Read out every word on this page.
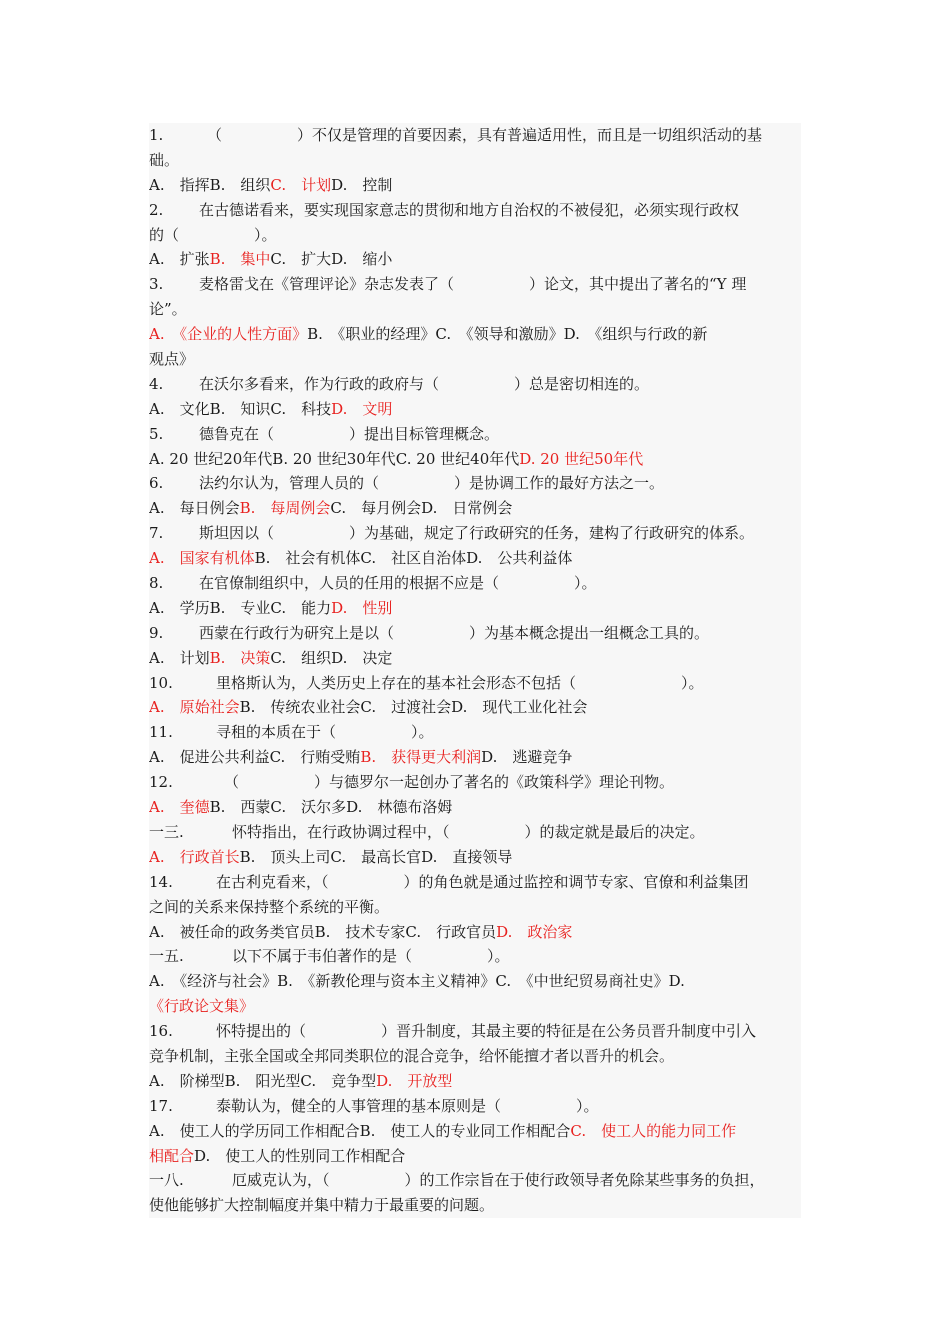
1.	（　　　　　）不仅是管理的首要因素，具有普遍适用性，而且是一切组织活动的基
础。
A.　指挥B.　组织C.　计划D.　控制
2. 在古德诺看来，要实现国家意志的贯彻和地方自治权的不被侵犯，必须实现行政权
的（　　　　　）。
A.　扩张B.　集中C.　扩大D.　缩小
3. 麦格雷戈在《管理评论》杂志发表了（　　　　　）论文，其中提出了著名的“Y 理
论”。
A.　《企业的人性方面》B.　《职业的经理》C.　《领导和激励》D.　《组织与行政的新
观点》
4. 在沃尔多看来，作为行政的政府与（　　　　　）总是密切相连的。
A.　文化B.　知识C.　科技D.　文明
5. 德鲁克在（　　　　　）提出目标管理概念。
A. 20 世纪20年代B. 20 世纪30年代C. 20 世纪40年代D. 20 世纪50年代
6. 法约尔认为，管理人员的（　　　　　）是协调工作的最好方法之一。
A.　每日例会B.　每周例会C.　每月例会D.　日常例会
7. 斯坦因以（　　　　　）为基础，规定了行政研究的任务，建构了行政研究的体系。
A.　国家有机体B.　社会有机体C.　社区自治体D.　公共利益体
8. 在官僚制组织中，人员的任用的根据不应是（　　　　　）。
A.　学历B.　专业C.　能力D.　性别
9. 西蒙在行政行为研究上是以（　　　　　）为基本概念提出一组概念工具的。
A.　计划B.　决策C.　组织D.　决定
10.	里格斯认为，人类历史上存在的基本社会形态不包括（　　　　　　　）。
A.　原始社会B.　传统农业社会C.　过渡社会D.　现代工业化社会
11.	寻租的本质在于（　　　　　）。
A.　促进公共利益C.　行贿受贿B.　获得更大利润D.　逃避竞争
12.	（　　　　　）与德罗尔一起创办了著名的《政策科学》理论刊物。
A.　奎德B.　西蒙C.　沃尔多D.　林德布洛姆
一三.	怀特指出，在行政协调过程中，（　　　　　）的裁定就是最后的决定。
A.　行政首长B.　顶头上司C.　最高长官D.　直接领导
14.	在古利克看来，（　　　　　）的角色就是通过监控和调节专家、官僚和利益集团
之间的关系来保持整个系统的平衡。
A.　被任命的政务类官员B.　技术专家C.　行政官员D.　政治家
一五.	以下不属于韦伯著作的是（　　　　　）。
A.　《经济与社会》B.　《新教伦理与资本主义精神》C.　《中世纪贸易商社史》D.
《行政论文集》
16.	怀特提出的（　　　　　）晋升制度，其最主要的特征是在公务员晋升制度中引入
竞争机制，主张全国或全邦同类职位的混合竞争，给怀能擅才者以晋升的机会。
A.　阶梯型B.　阳光型C.　竞争型D.　开放型
17.	泰勒认为，健全的人事管理的基本原则是（　　　　　）。
A.　使工人的学历同工作相配合B.　使工人的专业同工作相配合C.　使工人的能力同工作
相配合D.　使工人的性别同工作相配合
一八.	厄威克认为，（　　　　　）的工作宗旨在于使行政领导者免除某些事务的负担，
使他能够扩大控制幅度并集中精力于最重要的问题。
